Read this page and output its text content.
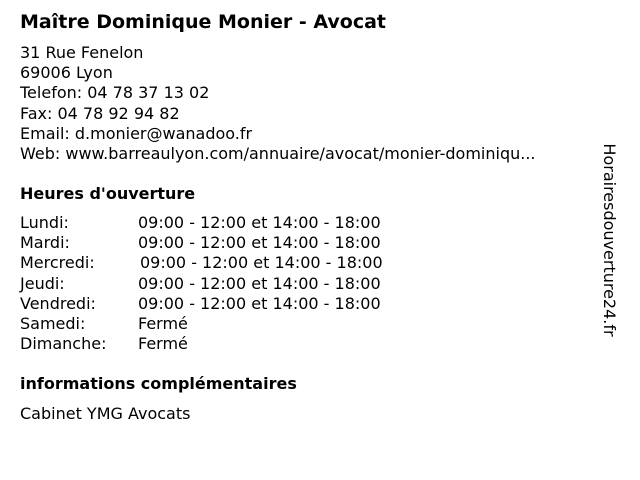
Maître Dominique Monier - Avocat
31 Rue Fenelon
69006 Lyon
Telefon: 04 78 37 13 02
Fax: 04 78 92 94 82
Email: d.monier@wanadoo.fr
Web: www.barreaulyon.com/annuaire/avocat/monier-dominiqu...
Heures d'ouverture
Lundi:	09:00 - 12:00 et 14:00 - 18:00
Mardi:	09:00 - 12:00 et 14:00 - 18:00
Mercredi:	09:00 - 12:00 et 14:00 - 18:00
Jeudi:	09:00 - 12:00 et 14:00 - 18:00
Vendredi:	09:00 - 12:00 et 14:00 - 18:00
Samedi:	Fermé
Dimanche: Fermé
informations complémentaires
Cabinet YMG Avocats
Horairesdouverture24.fr
